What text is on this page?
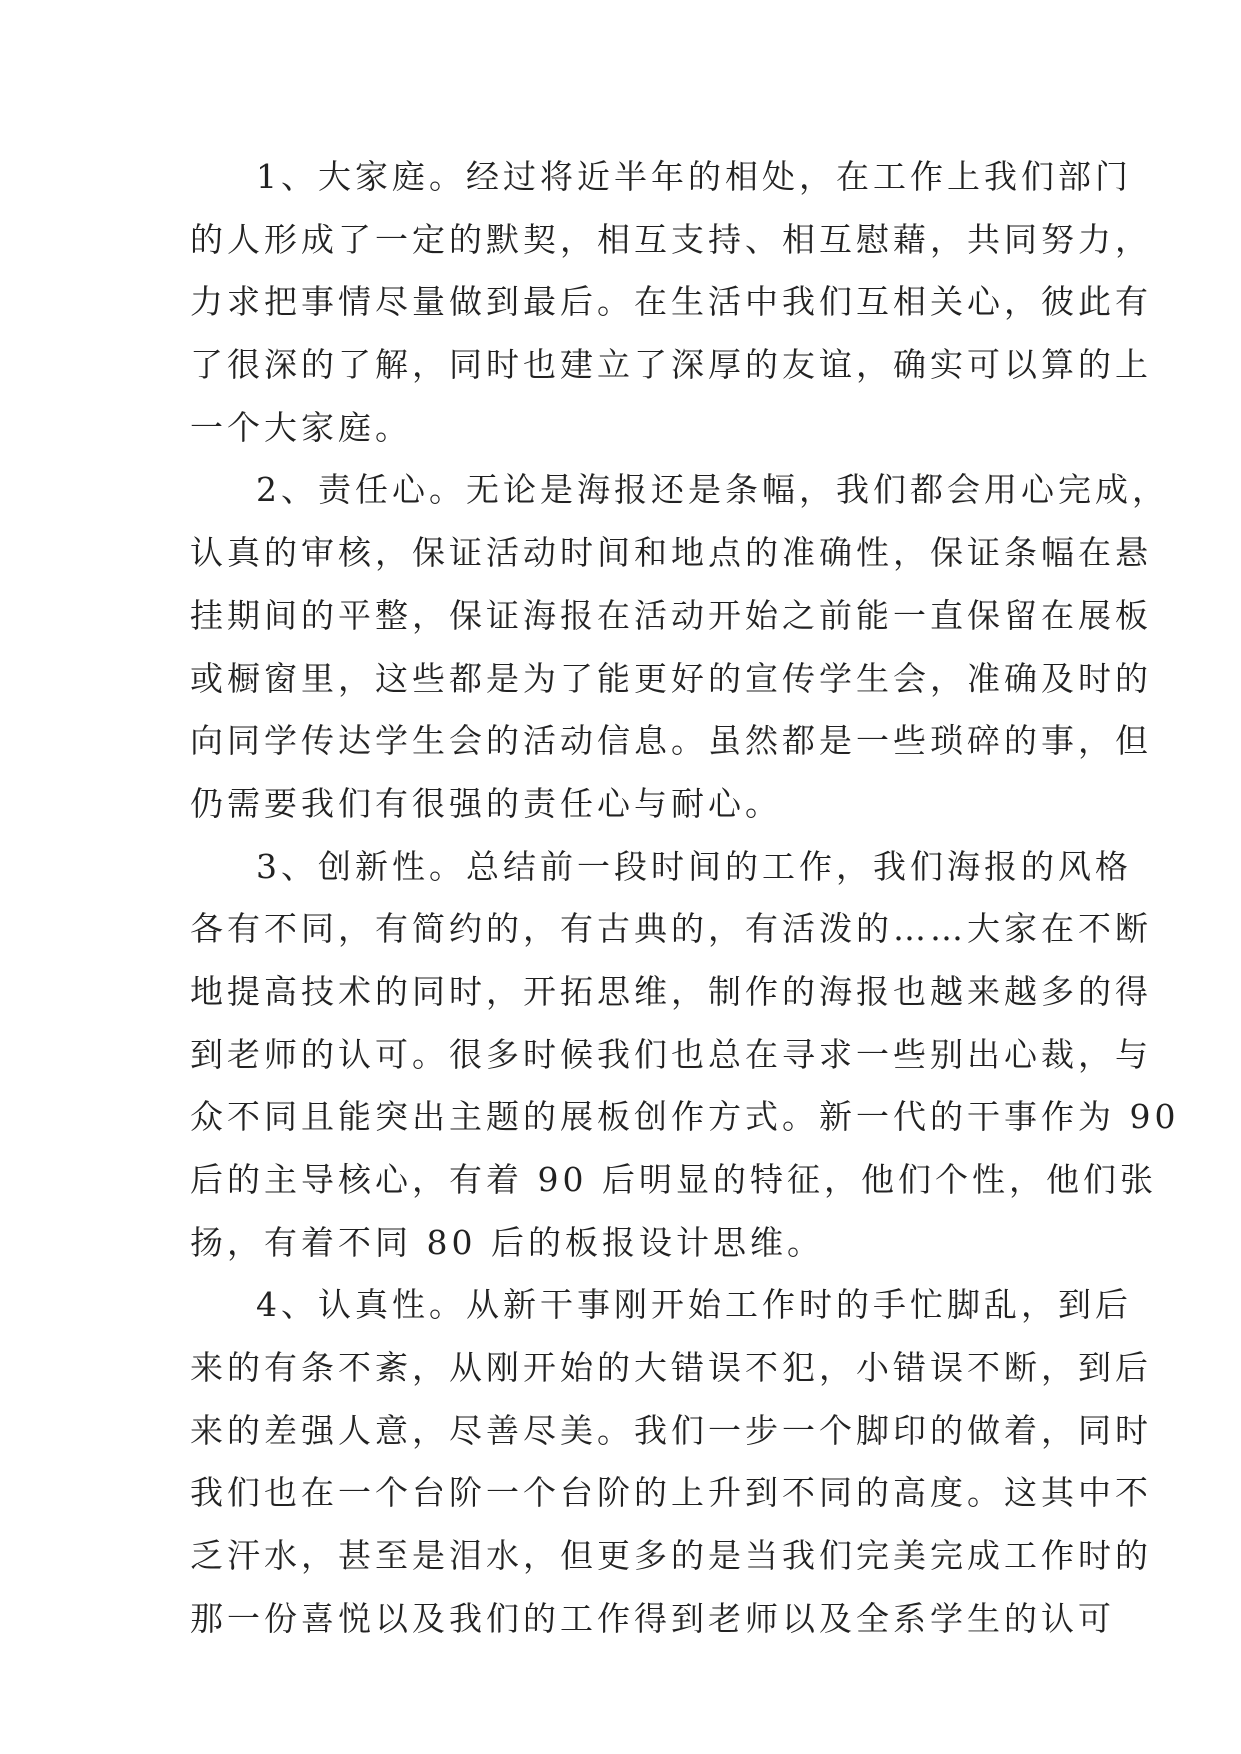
1、大家庭。经过将近半年的相处，在工作上我们部门
的人形成了一定的默契，相互支持、相互慰藉，共同努力，
力求把事情尽量做到最后。在生活中我们互相关心，彼此有
了很深的了解，同时也建立了深厚的友谊，确实可以算的上
一个大家庭。
2、责任心。无论是海报还是条幅，我们都会用心完成，
认真的审核，保证活动时间和地点的准确性，保证条幅在悬
挂期间的平整，保证海报在活动开始之前能一直保留在展板
或橱窗里，这些都是为了能更好的宣传学生会，准确及时的
向同学传达学生会的活动信息。虽然都是一些琐碎的事，但
仍需要我们有很强的责任心与耐心。
3、创新性。总结前一段时间的工作，我们海报的风格
各有不同，有简约的，有古典的，有活泼的……大家在不断
地提高技术的同时，开拓思维，制作的海报也越来越多的得
到老师的认可。很多时候我们也总在寻求一些别出心裁，与
众不同且能突出主题的展板创作方式。新一代的干事作为 90
后的主导核心，有着 90 后明显的特征，他们个性，他们张
扬，有着不同 80 后的板报设计思维。
4、认真性。从新干事刚开始工作时的手忙脚乱，到后
来的有条不紊，从刚开始的大错误不犯，小错误不断，到后
来的差强人意，尽善尽美。我们一步一个脚印的做着，同时
我们也在一个台阶一个台阶的上升到不同的高度。这其中不
乏汗水，甚至是泪水，但更多的是当我们完美完成工作时的
那一份喜悦以及我们的工作得到老师以及全系学生的认可
